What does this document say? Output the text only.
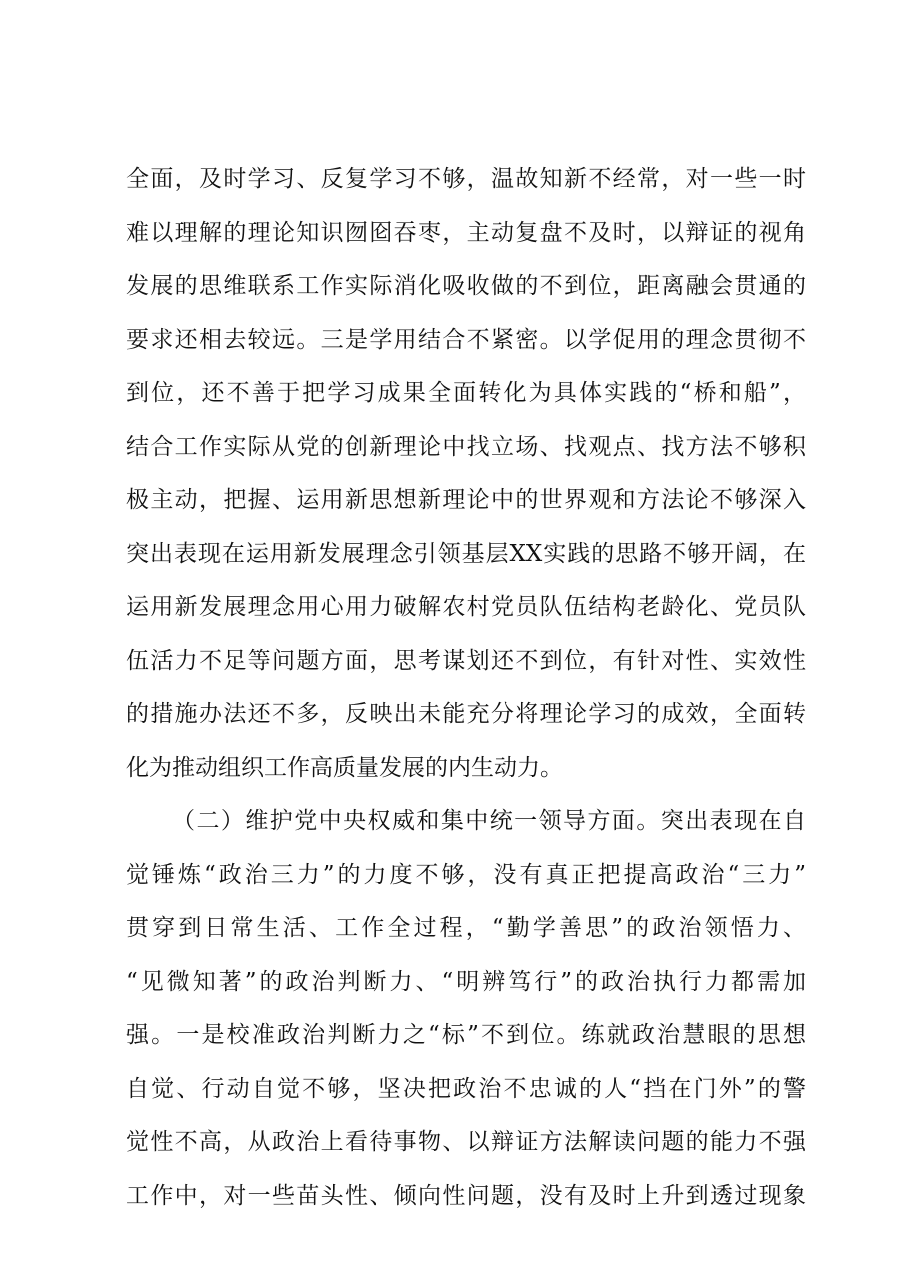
全面，及时学习、反复学习不够，温故知新不经常，对一些一时
难以理解的理论知识囫囵吞枣，主动复盘不及时，以辩证的视角
发展的思维联系工作实际消化吸收做的不到位，距离融会贯通的
要求还相去较远。三是学用结合不紧密。以学促用的理念贯彻不
到位，还不善于把学习成果全面转化为具体实践的“桥和船”，
结合工作实际从党的创新理论中找立场、找观点、找方法不够积
极主动，把握、运用新思想新理论中的世界观和方法论不够深入
突出表现在运用新发展理念引领基层XX实践的思路不够开阔，在
运用新发展理念用心用力破解农村党员队伍结构老龄化、党员队
伍活力不足等问题方面，思考谋划还不到位，有针对性、实效性
的措施办法还不多，反映出未能充分将理论学习的成效，全面转
化为推动组织工作高质量发展的内生动力。
（二）维护党中央权威和集中统一领导方面。突出表现在自
觉锤炼“政治三力”的力度不够，没有真正把提高政治“三力”
贯穿到日常生活、工作全过程，“勤学善思”的政治领悟力、
“见微知著”的政治判断力、“明辨笃行”的政治执行力都需加
强。一是校准政治判断力之“标”不到位。练就政治慧眼的思想
自觉、行动自觉不够，坚决把政治不忠诚的人“挡在门外”的警
觉性不高，从政治上看待事物、以辩证方法解读问题的能力不强
工作中，对一些苗头性、倾向性问题，没有及时上升到透过现象
